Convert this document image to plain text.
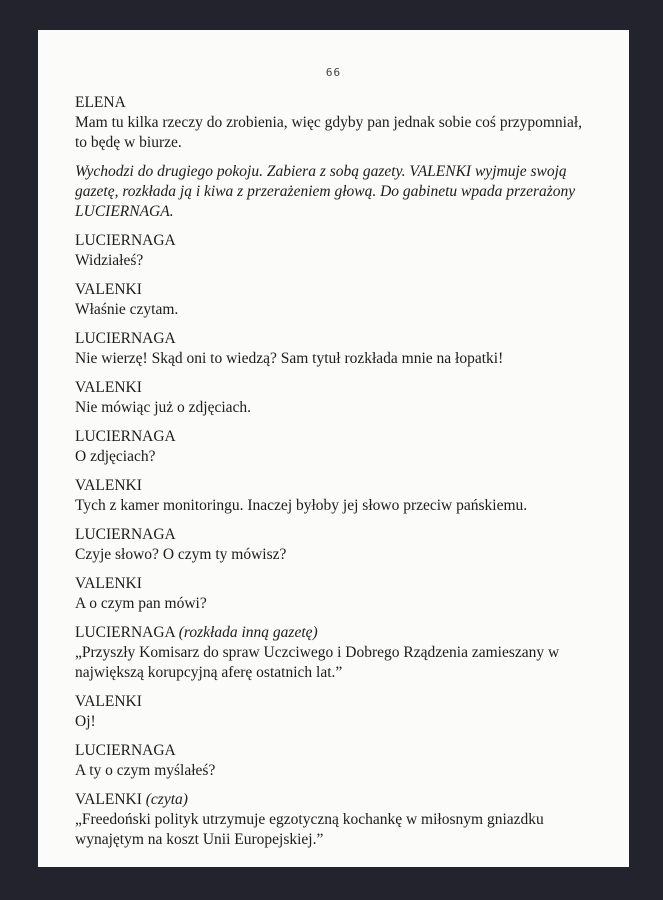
66
ELENA
Mam tu kilka rzeczy do zrobienia, więc gdyby pan jednak sobie coś przypomniał, to będę w biurze.

Wychodzi do drugiego pokoju. Zabiera z sobą gazety. VALENKI wyjmuje swoją gazetę, rozkłada ją i kiwa z przerażeniem głową. Do gabinetu wpada przerażony LUCIERNAGA.

LUCIERNAGA
Widziałeś?
VALENKI
Właśnie czytam.
LUCIERNAGA
Nie wierzę! Skąd oni to wiedzą? Sam tytuł rozkłada mnie na łopatki!
VALENKI
Nie mówiąc już o zdjęciach.
LUCIERNAGA
O zdjęciach?
VALENKI
Tych z kamer monitoringu. Inaczej byłoby jej słowo przeciw pańskiemu.
LUCIERNAGA
Czyje słowo? O czym ty mówisz?
VALENKI
A o czym pan mówi?
LUCIERNAGA (rozkłada inną gazetę)
„Przyszły Komisarz do spraw Uczciwego i Dobrego Rządzenia zamieszany w największą korupcyjną aferę ostatnich lat.”
VALENKI
Oj!
LUCIERNAGA
A ty o czym myślałeś?
VALENKI (czyta)
„Freedoński polityk utrzymuje egzotyczną kochankę w miłosnym gniazdku wynajętym na koszt Unii Europejskiej.”
